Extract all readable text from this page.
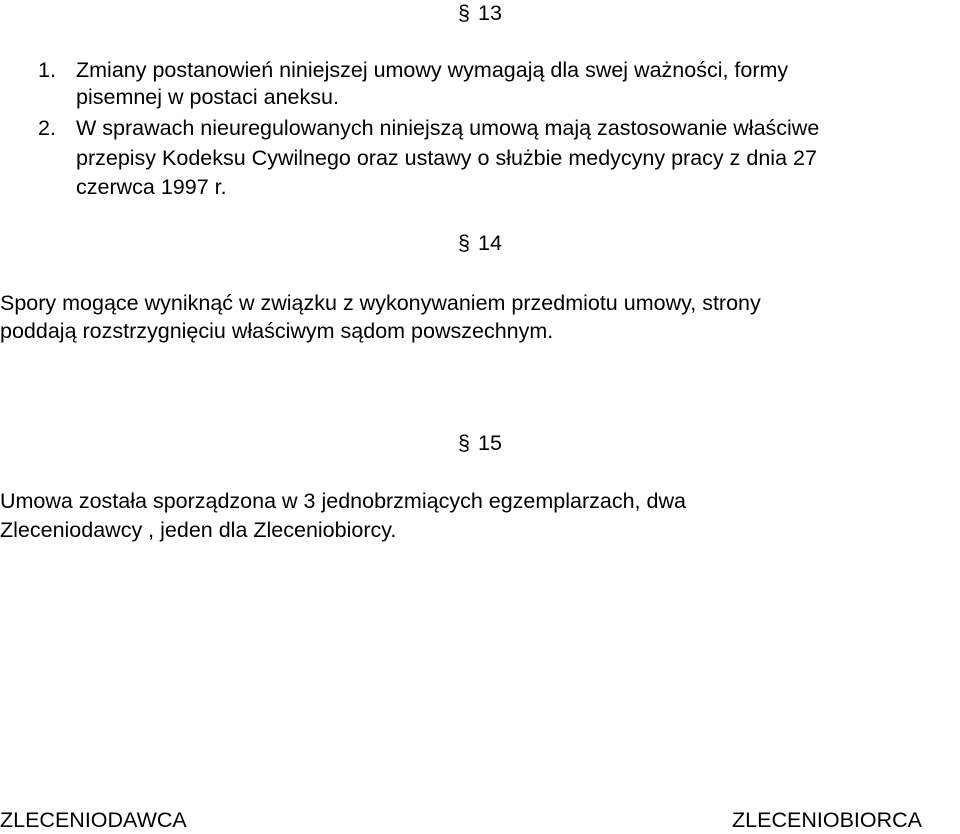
§ 13
1. Zmiany postanowień niniejszej umowy wymagają dla swej ważności, formy
pisemnej w postaci aneksu.
2. W sprawach nieuregulowanych niniejszą umową mają zastosowanie właściwe
przepisy Kodeksu Cywilnego oraz ustawy o służbie medycyny pracy z dnia 27
czerwca 1997 r.
§ 14
Spory mogące wyniknąć w związku z wykonywaniem przedmiotu umowy, strony
poddają rozstrzygnięciu właściwym sądom powszechnym.
§ 15
Umowa została sporządzona w 3 jednobrzmiących egzemplarzach, dwa
Zleceniodawcy , jeden dla Zleceniobiorcy.
ZLECENIODAWCA	ZLECENIOBIORCA
